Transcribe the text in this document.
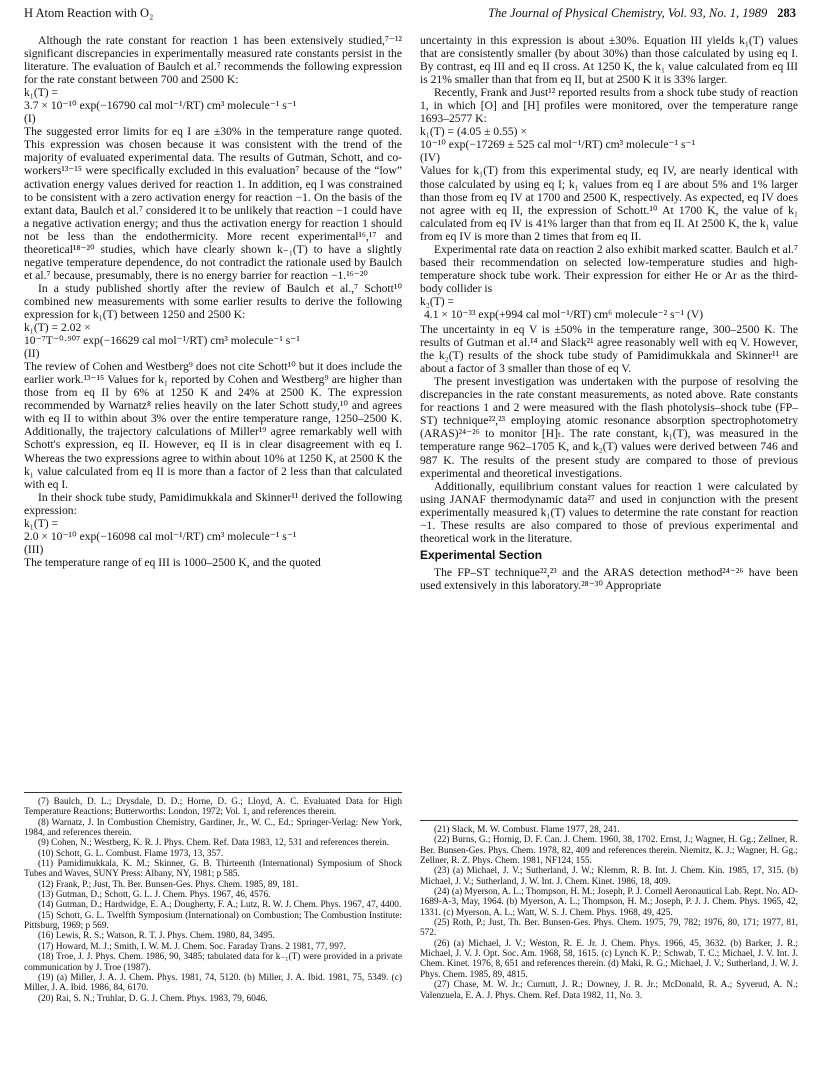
H Atom Reaction with O₂	The Journal of Physical Chemistry, Vol. 93, No. 1, 1989 283

Although the rate constant for reaction 1 has been extensively studied,⁷⁻¹² significant discrepancies in experimentally measured rate constants persist in the literature. The evaluation of Baulch et al.⁷ recommends the following expression for the rate constant between 700 and 2500 K:

k₁(T) =

3.7 × 10⁻¹⁰ exp(−16790 cal mol⁻¹/RT) cm³ molecule⁻¹ s⁻¹

(I)

The suggested error limits for eq I are ±30% in the temperature range quoted. This expression was chosen because it was consistent with the trend of the majority of evaluated experimental data. The results of Gutman, Schott, and co-workers¹³⁻¹⁵ were specifically excluded in this evaluation⁷ because of the “low” activation energy values derived for reaction 1. In addition, eq I was constrained to be consistent with a zero activation energy for reaction −1. On the basis of the extant data, Baulch et al.⁷ considered it to be unlikely that reaction −1 could have a negative activation energy; and thus the activation energy for reaction 1 should not be less than the endothermicity. More recent experimental¹⁶,¹⁷ and theoretical¹⁸⁻²⁰ studies, which have clearly shown k₋₁(T) to have a slightly negative temperature dependence, do not contradict the rationale used by Baulch et al.⁷ because, presumably, there is no energy barrier for reaction −1.¹⁶⁻²⁰

In a study published shortly after the review of Baulch et al.,⁷ Schott¹⁰ combined new measurements with some earlier results to derive the following expression for k₁(T) between 1250 and 2500 K:

k₁(T) = 2.02 ×

10⁻⁷T⁻⁰·⁹⁰⁷ exp(−16629 cal mol⁻¹/RT) cm³ molecule⁻¹ s⁻¹

(II)

The review of Cohen and Westberg⁹ does not cite Schott¹⁰ but it does include the earlier work.¹³⁻¹⁵ Values for k₁ reported by Cohen and Westberg⁹ are higher than those from eq II by 6% at 1250 K and 24% at 2500 K. The expression recommended by Warnatz⁸ relies heavily on the later Schott study,¹⁰ and agrees with eq II to within about 3% over the entire temperature range, 1250–2500 K. Additionally, the trajectory calculations of Miller¹⁹ agree remarkably well with Schott's expression, eq II. However, eq II is in clear disagreement with eq I. Whereas the two expressions agree to within about 10% at 1250 K, at 2500 K the k₁ value calculated from eq II is more than a factor of 2 less than that calculated with eq I.

In their shock tube study, Pamidimukkala and Skinner¹¹ derived the following expression:

k₁(T) =

2.0 × 10⁻¹⁰ exp(−16098 cal mol⁻¹/RT) cm³ molecule⁻¹ s⁻¹

(III)

The temperature range of eq III is 1000–2500 K, and the quoted

uncertainty in this expression is about ±30%. Equation III yields k₁(T) values that are consistently smaller (by about 30%) than those calculated by using eq I. By contrast, eq III and eq II cross. At 1250 K, the k₁ value calculated from eq III is 21% smaller than that from eq II, but at 2500 K it is 33% larger.

Recently, Frank and Just¹² reported results from a shock tube study of reaction 1, in which [O] and [H] profiles were monitored, over the temperature range 1693–2577 K:

k₁(T) = (4.05 ± 0.55) ×

10⁻¹⁰ exp(−17269 ± 525 cal mol⁻¹/RT) cm³ molecule⁻¹ s⁻¹

(IV)

Values for k₁(T) from this experimental study, eq IV, are nearly identical with those calculated by using eq I; k₁ values from eq I are about 5% and 1% larger than those from eq IV at 1700 and 2500 K, respectively. As expected, eq IV does not agree with eq II, the expression of Schott.¹⁰ At 1700 K, the value of k₁ calculated from eq IV is 41% larger than that from eq II. At 2500 K, the k₁ value from eq IV is more than 2 times that from eq II.

Experimental rate data on reaction 2 also exhibit marked scatter. Baulch et al.⁷ based their recommendation on selected low-temperature studies and high-temperature shock tube work. Their expression for either He or Ar as the third-body collider is

k₂(T) =

4.1 × 10⁻³³ exp(+994 cal mol⁻¹/RT) cm⁶ molecule⁻² s⁻¹ (V)

The uncertainty in eq V is ±50% in the temperature range, 300–2500 K. The results of Gutman et al.¹⁴ and Slack²¹ agree reasonably well with eq V. However, the k₂(T) results of the shock tube study of Pamidimukkala and Skinner¹¹ are about a factor of 3 smaller than those of eq V.

The present investigation was undertaken with the purpose of resolving the discrepancies in the rate constant measurements, as noted above. Rate constants for reactions 1 and 2 were measured with the flash photolysis–shock tube (FP–ST) technique²²,²³ employing atomic resonance absorption spectrophotometry (ARAS)²⁴⁻²⁶ to monitor [H]ₜ. The rate constant, k₁(T), was measured in the temperature range 962–1705 K, and k₂(T) values were derived between 746 and 987 K. The results of the present study are compared to those of previous experimental and theoretical investigations.

Additionally, equilibrium constant values for reaction 1 were calculated by using JANAF thermodynamic data²⁷ and used in conjunction with the present experimentally measured k₁(T) values to determine the rate constant for reaction −1. These results are also compared to those of previous experimental and theoretical work in the literature.

Experimental Section

The FP–ST technique²²,²³ and the ARAS detection method²⁴⁻²⁶ have been used extensively in this laboratory.²⁸⁻³⁰ Appropriate

(7) Baulch, D. L.; Drysdale, D. D.; Horne, D. G.; Lloyd, A. C. Evaluated Data for High Temperature Reactions; Butterworths: London, 1972; Vol. 1, and references therein.
(8) Warnatz, J. In Combustion Chemistry, Gardiner, Jr., W. C., Ed.; Springer-Verlag: New York, 1984, and references therein.
(9) Cohen, N.; Westberg, K. R. J. Phys. Chem. Ref. Data 1983, 12, 531 and references therein.
(10) Schott, G. L. Combust. Flame 1973, 13, 357.
(11) Pamidimukkala, K. M.; Skinner, G. B. Thirteenth (International) Symposium of Shock Tubes and Waves, SUNY Press: Albany, NY, 1981; p 585.
(12) Frank, P.; Just, Th. Ber. Bunsen-Ges. Phys. Chem. 1985, 89, 181.
(13) Gutman, D.; Schott, G. L. J. Chem. Phys. 1967, 46, 4576.
(14) Gutman, D.; Hardwidge, E. A.; Dougherty, F. A.; Lutz, R. W. J. Chem. Phys. 1967, 47, 4400.
(15) Schott, G. L. Twelfth Symposium (International) on Combustion; The Combustion Institute: Pittsburg, 1969; p 569.
(16) Lewis, R. S.; Watson, R. T. J. Phys. Chem. 1980, 84, 3495.
(17) Howard, M. J.; Smith, I. W. M. J. Chem. Soc. Faraday Trans. 2 1981, 77, 997.
(18) Troe, J. J. Phys. Chem. 1986, 90, 3485; tabulated data for k₋₁(T) were provided in a private communication by J. Troe (1987).
(19) (a) Miller, J. A. J. Chem. Phys. 1981, 74, 5120. (b) Miller, J. A. Ibid. 1981, 75, 5349. (c) Miller, J. A. Ibid. 1986, 84, 6170.
(20) Rai, S. N.; Truhlar, D. G. J. Chem. Phys. 1983, 79, 6046.
(21) Slack, M. W. Combust. Flame 1977, 28, 241.
(22) Burns, G.; Hornig, D. F. Can. J. Chem. 1960, 38, 1702. Ernst, J.; Wagner, H. Gg.; Zellner, R. Ber. Bunsen-Ges. Phys. Chem. 1978, 82, 409 and references therein. Niemitz, K. J.; Wagner, H. Gg.; Zellner, R. Z. Phys. Chem. 1981, NF124, 155.
(23) (a) Michael, J. V.; Sutherland, J. W.; Klemm, R. B. Int. J. Chem. Kin. 1985, 17, 315. (b) Michael, J. V.; Sutherland, J. W. Int. J. Chem. Kinet. 1986, 18, 409.
(24) (a) Myerson, A. L.; Thompson, H. M.; Joseph, P. J. Cornell Aeronautical Lab. Rept. No. AD-1689-A-3, May, 1964. (b) Myerson, A. L.; Thompson, H. M.; Joseph, P. J. J. Chem. Phys. 1965, 42, 1331. (c) Myerson, A. L.; Watt, W. S. J. Chem. Phys. 1968, 49, 425.
(25) Roth, P.; Just, Th. Ber. Bunsen-Ges. Phys. Chem. 1975, 79, 782; 1976, 80, 171; 1977, 81, 572.
(26) (a) Michael, J. V.; Weston, R. E. Jr. J. Chem. Phys. 1966, 45, 3632. (b) Barker, J. R.; Michael, J. V. J. Opt. Soc. Am. 1968, 58, 1615. (c) Lynch K. P.; Schwab, T. C.; Michael, J. V. Int. J. Chem. Kinet. 1976, 8, 651 and references therein. (d) Maki, R. G.; Michael, J. V.; Sutherland, J. W. J. Phys. Chem. 1985, 89, 4815.
(27) Chase, M. W. Jr.; Curnutt, J. R.; Downey, J. R. Jr.; McDonald, R. A.; Syverud, A. N.; Valenzuela, E. A. J. Phys. Chem. Ref. Data 1982, 11, No. 3.
